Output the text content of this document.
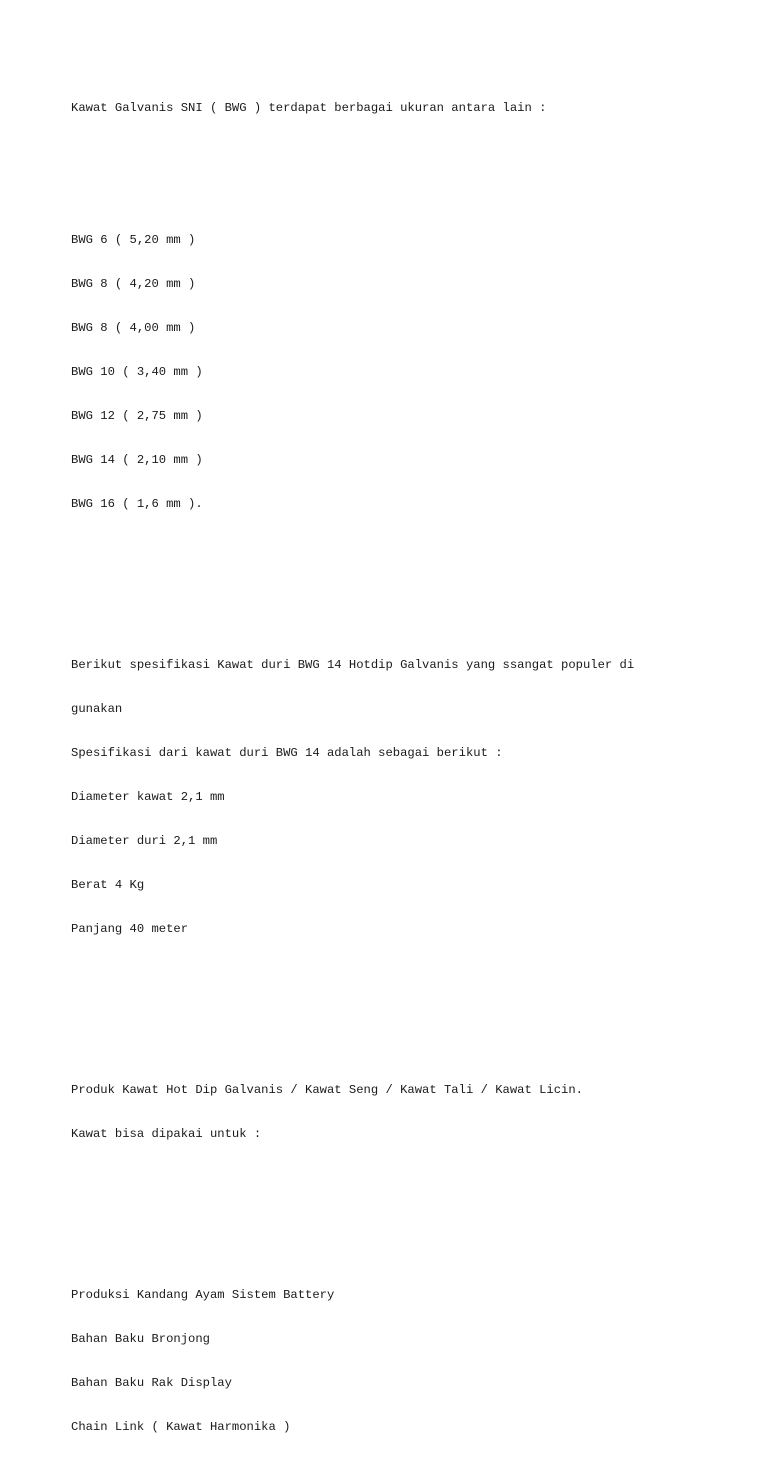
Kawat Galvanis SNI ( BWG ) terdapat berbagai ukuran antara lain :

BWG 6 ( 5,20 mm )

BWG 8 ( 4,20 mm )

BWG 8 ( 4,00 mm )

BWG 10 ( 3,40 mm )

BWG 12 ( 2,75 mm )

BWG 14 ( 2,10 mm )

BWG 16 ( 1,6 mm ).

Berikut spesifikasi Kawat duri BWG 14 Hotdip Galvanis yang ssangat populer di

gunakan

Spesifikasi dari kawat duri BWG 14 adalah sebagai berikut :

Diameter kawat 2,1 mm

Diameter duri 2,1 mm

Berat 4 Kg

Panjang 40 meter

Produk Kawat Hot Dip Galvanis / Kawat Seng / Kawat Tali / Kawat Licin.

Kawat bisa dipakai untuk :

Produksi Kandang Ayam Sistem Battery

Bahan Baku Bronjong

Bahan Baku Rak Display

Chain Link ( Kawat Harmonika )
